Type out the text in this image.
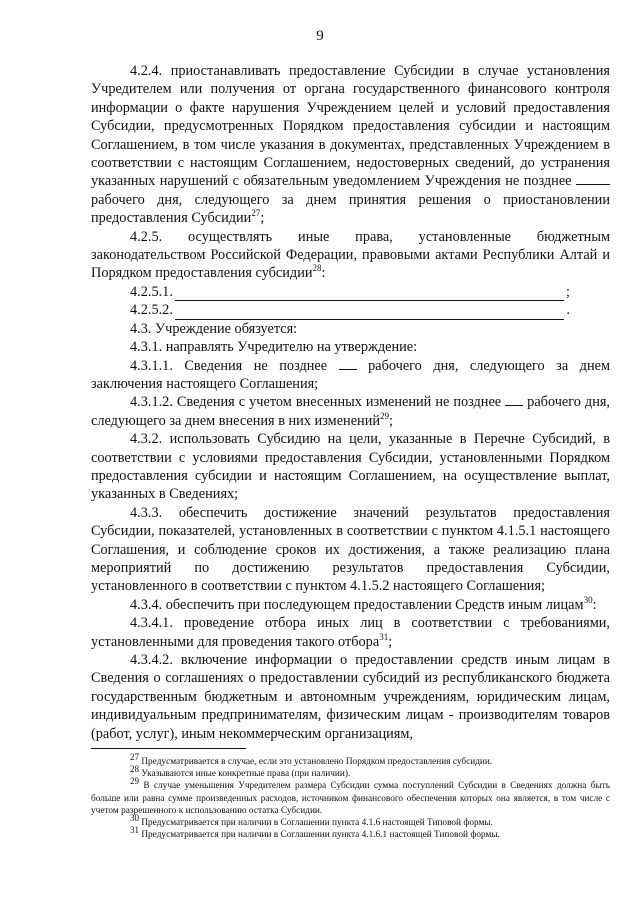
9

4.2.4. приостанавливать предоставление Субсидии в случае установления Учредителем или получения от органа государственного финансового контроля информации о факте нарушения Учреждением целей и условий предоставления Субсидии, предусмотренных Порядком предоставления субсидии и настоящим Соглашением, в том числе указания в документах, представленных Учреждением в соответствии с настоящим Соглашением, недостоверных сведений, до устранения указанных нарушений с обязательным уведомлением Учреждения не позднее  рабочего дня, следующего за днем принятия решения о приостановлении предоставления Субсидии$^{27}$;

4.2.5. осуществлять иные права, установленные бюджетным законодательством Российской Федерации, правовыми актами Республики Алтай и Порядком предоставления субсидии$^{28}$:

4.2.5.1.	;
4.2.5.2.	.

4.3. Учреждение обязуется:

4.3.1. направлять Учредителю на утверждение:

4.3.1.1. Сведения не позднее  рабочего дня, следующего за днем заключения настоящего Соглашения;

4.3.1.2. Сведения с учетом внесенных изменений не позднее  рабочего дня, следующего за днем внесения в них изменений$^{29}$;

4.3.2. использовать Субсидию на цели, указанные в Перечне Субсидий, в соответствии с условиями предоставления Субсидии, установленными Порядком предоставления субсидии и настоящим Соглашением, на осуществление выплат, указанных в Сведениях;

4.3.3. обеспечить достижение значений результатов предоставления Субсидии, показателей, установленных в соответствии с пунктом 4.1.5.1 настоящего Соглашения, и соблюдение сроков их достижения, а также реализацию плана мероприятий по достижению результатов предоставления Субсидии, установленного в соответствии с пунктом 4.1.5.2 настоящего Соглашения;

4.3.4. обеспечить при последующем предоставлении Средств иным лицам$^{30}$:

4.3.4.1. проведение отбора иных лиц в соответствии с требованиями, установленными для проведения такого отбора$^{31}$;

4.3.4.2. включение информации о предоставлении средств иным лицам в Сведения о соглашениях о предоставлении субсидий из республиканского бюджета государственным бюджетным и автономным учреждениям, юридическим лицам, индивидуальным предпринимателям, физическим лицам - производителям товаров (работ, услуг), иным некоммерческим организациям,

$^{27}$ Предусматривается в случае, если это установлено Порядком предоставления субсидии.

$^{28}$ Указываются иные конкретные права (при наличии).

$^{29}$ В случае уменьшения Учредителем размера Субсидии сумма поступлений Субсидии в Сведениях должна быть больше или равна сумме произведенных расходов, источником финансового обеспечения которых она является, в том числе с учетом разрешенного к использованию остатка Субсидии.

$^{30}$ Предусматривается при наличии в Соглашении пункта 4.1.6 настоящей Типовой формы.

$^{31}$ Предусматривается при наличии в Соглашении пункта 4.1.6.1 настоящей Типовой формы.
